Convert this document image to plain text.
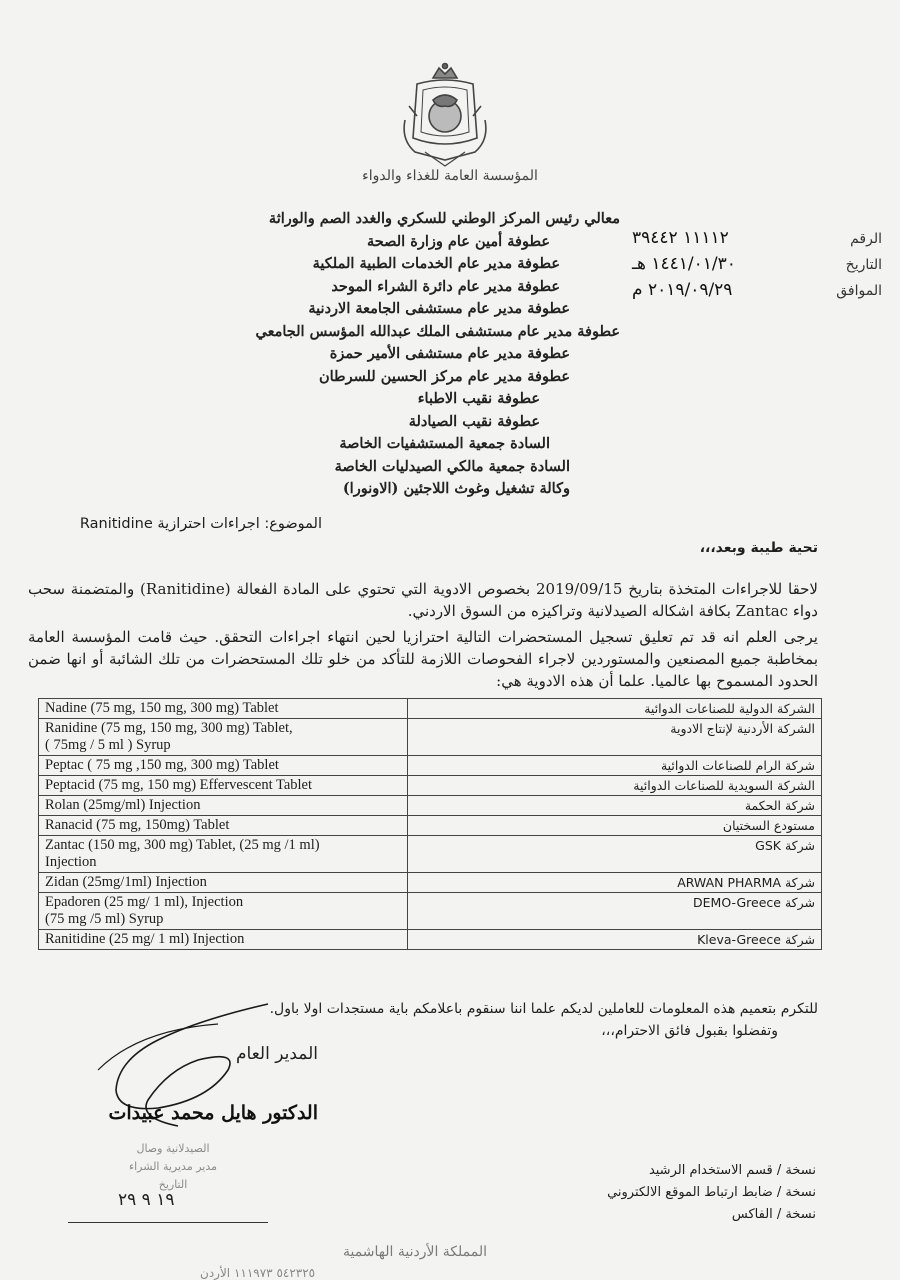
المؤسسة العامة للغذاء والدواء
معالي رئيس المركز الوطني للسكري والغدد الصم والوراثة
عطوفة أمين عام وزارة الصحة
عطوفة مدير عام الخدمات الطبية الملكية
عطوفة مدير عام دائرة الشراء الموحد
عطوفة مدير عام مستشفى الجامعة الاردنية
عطوفة مدير عام مستشفى الملك عبدالله المؤسس الجامعي
عطوفة مدير عام مستشفى الأمير حمزة
عطوفة مدير عام مركز الحسين للسرطان
عطوفة نقيب الاطباء
عطوفة نقيب الصيادلة
السادة جمعية المستشفيات الخاصة
السادة جمعية مالكي الصيدليات الخاصة
وكالة تشغيل وغوث اللاجئين (الاونورا)
١١١١٢ ٣٩٤٤٢	الرقم
١٤٤١/٠١/٣٠ هـ	التاريخ
٢٠١٩/٠٩/٢٩ م	الموافق
الموضوع: اجراءات احترازية Ranitidine
تحية طيبة وبعد،،،
لاحقا للاجراءات المتخذة بتاريخ 2019/09/15 بخصوص الادوية التي تحتوي على المادة الفعالة (Ranitidine) والمتضمنة سحب دواء Zantac بكافة اشكاله الصيدلانية وتراكيزه من السوق الاردني.
يرجى العلم انه قد تم تعليق تسجيل المستحضرات التالية احترازيا لحين انتهاء اجراءات التحقق. حيث قامت المؤسسة العامة بمخاطبة جميع المصنعين والمستوردين لاجراء الفحوصات اللازمة للتأكد من خلو تلك المستحضرات من تلك الشائبة أو انها ضمن الحدود المسموح بها عالميا. علما أن هذه الادوية هي:
Nadine (75 mg, 150 mg, 300 mg) Tablet	الشركة الدولية للصناعات الدوائية
Ranidine (75 mg, 150 mg, 300 mg) Tablet,
( 75mg / 5 ml ) Syrup	الشركة الأردنية لإنتاج الادوية
Peptac ( 75 mg ,150 mg, 300 mg) Tablet	شركة الرام للصناعات الدوائية
Peptacid (75 mg, 150 mg) Effervescent Tablet	الشركة السويدية للصناعات الدوائية
Rolan (25mg/ml) Injection	شركة الحكمة
Ranacid (75 mg, 150mg) Tablet	مستودع السختيان
Zantac (150 mg, 300 mg) Tablet, (25 mg /1 ml)
Injection	شركة GSK
Zidan (25mg/1ml) Injection	شركة ARWAN PHARMA
Epadoren (25 mg/ 1 ml), Injection
(75 mg /5 ml) Syrup	شركة DEMO-Greece
Ranitidine (25 mg/ 1 ml) Injection	شركة Kleva-Greece
للتكرم بتعميم هذه المعلومات للعاملين لديكم علما اننا سنقوم باعلامكم باية مستجدات اولا باول.
وتفضلوا بقبول فائق الاحترام،،،
المدير العام
الدكتور هايل محمد عبيدات
الصيدلانية وصال
مدير مديرية الشراء
التاريخ
١٩ ٩ ٢٩
نسخة / قسم الاستخدام الرشيد
نسخة / ضابط ارتباط الموقع الالكتروني
نسخة / الفاكس
المملكة الأردنية الهاشمية
٥٤٢٣٢٥ ١١١٩٧٣ الأردن
